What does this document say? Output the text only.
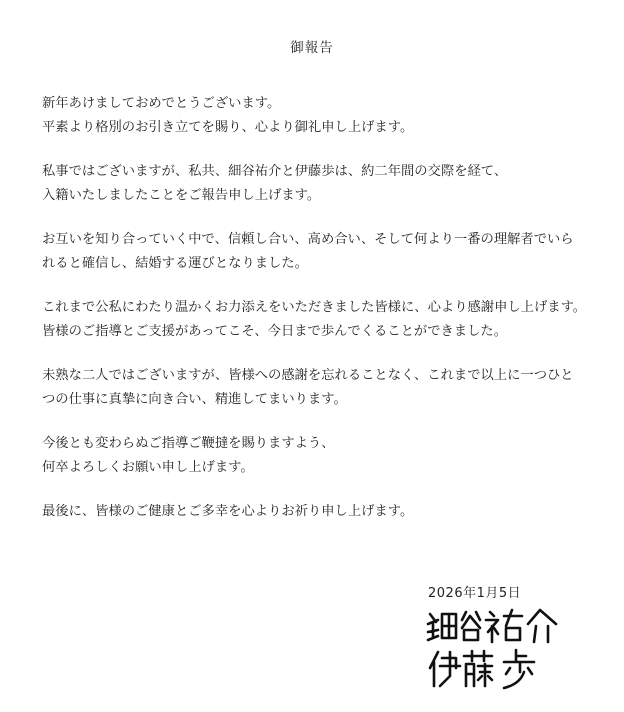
御報告

新年あけましておめでとうございます。
平素より格別のお引き立てを賜り、心より御礼申し上げます。

私事ではございますが、私共、細谷祐介と伊藤歩は、約二年間の交際を経て、
入籍いたしましたことをご報告申し上げます。

お互いを知り合っていく中で、信頼し合い、高め合い、そして何より一番の理解者でいら
れると確信し、結婚する運びとなりました。

これまで公私にわたり温かくお力添えをいただきました皆様に、心より感謝申し上げます。
皆様のご指導とご支援があってこそ、今日まで歩んでくることができました。

未熟な二人ではございますが、皆様への感謝を忘れることなく、これまで以上に一つひと
つの仕事に真摯に向き合い、精進してまいります。

今後とも変わらぬご指導ご鞭撻を賜りますよう、
何卒よろしくお願い申し上げます。

最後に、皆様のご健康とご多幸を心よりお祈り申し上げます。

2026年1月5日
